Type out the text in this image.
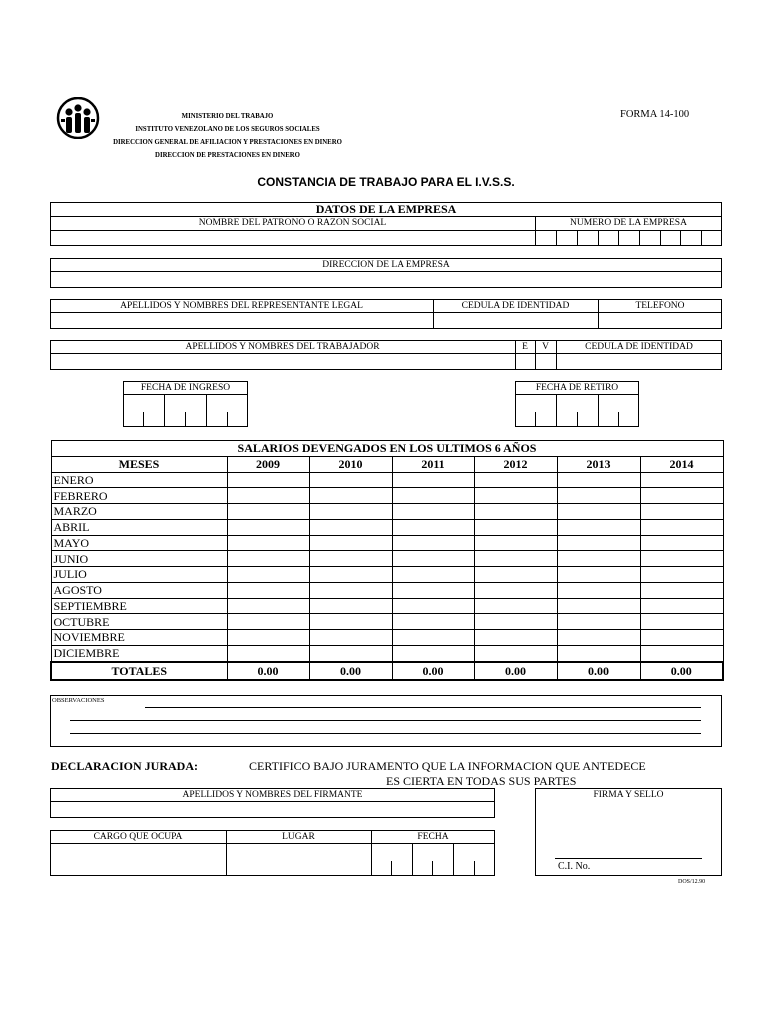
MINISTERIO DEL TRABAJO
INSTITUTO VENEZOLANO DE LOS SEGUROS SOCIALES
DIRECCION GENERAL DE AFILIACION Y PRESTACIONES EN DINERO
DIRECCION DE PRESTACIONES EN DINERO
FORMA 14-100
CONSTANCIA DE TRABAJO PARA EL I.V.S.S.
DATOS DE LA EMPRESA
NOMBRE DEL PATRONO O RAZON SOCIAL	NUMERO DE LA EMPRESA
DIRECCION DE LA EMPRESA
APELLIDOS Y NOMBRES DEL REPRESENTANTE LEGAL	CEDULA DE IDENTIDAD	TELEFONO
APELLIDOS Y NOMBRES DEL TRABAJADOR	E	V	CEDULA DE IDENTIDAD
FECHA DE INGRESO	FECHA DE RETIRO
SALARIOS DEVENGADOS EN LOS ULTIMOS 6 AÑOS						
MESES	2009	2010	2011	2012	2013	2014
ENERO						
FEBRERO						
MARZO						
ABRIL						
MAYO						
JUNIO						
JULIO						
AGOSTO						
SEPTIEMBRE						
OCTUBRE						
NOVIEMBRE						
DICIEMBRE						
TOTALES	0.00	0.00	0.00	0.00	0.00	0.00
OBSERVACIONES
DECLARACION JURADA:	CERTIFICO BAJO JURAMENTO QUE LA INFORMACION QUE ANTEDECE
ES CIERTA EN TODAS SUS PARTES
APELLIDOS Y NOMBRES DEL FIRMANTE	FIRMA Y SELLO
C.I. No.
CARGO QUE OCUPA	LUGAR	FECHA
DOS/12.90
